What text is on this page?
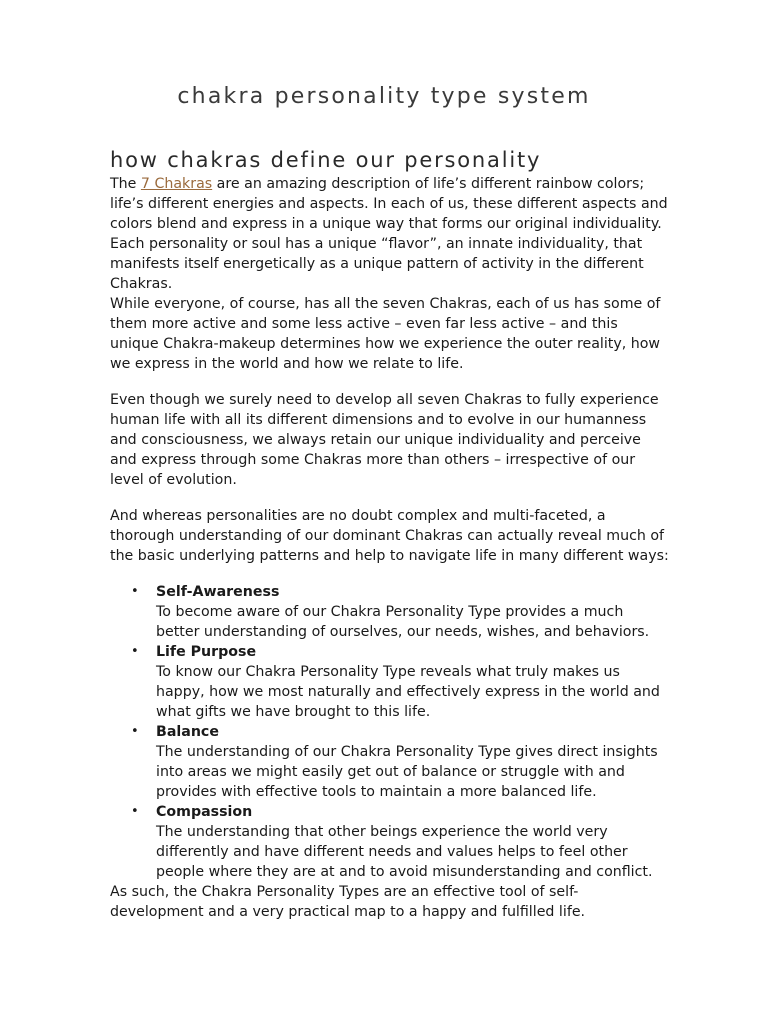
chakra personality type system
how chakras define our personality

The 7 Chakras are an amazing description of life’s different rainbow colors; life’s different energies and aspects. In each of us, these different aspects and colors blend and express in a unique way that forms our original individuality. Each personality or soul has a unique “flavor”, an innate individuality, that manifests itself energetically as a unique pattern of activity in the different Chakras.

While everyone, of course, has all the seven Chakras, each of us has some of them more active and some less active – even far less active – and this unique Chakra-makeup determines how we experience the outer reality, how we express in the world and how we relate to life.

Even though we surely need to develop all seven Chakras to fully experience human life with all its different dimensions and to evolve in our humanness and consciousness, we always retain our unique individuality and perceive and express through some Chakras more than others – irrespective of our level of evolution.

And whereas personalities are no doubt complex and multi-faceted, a thorough understanding of our dominant Chakras can actually reveal much of the basic underlying patterns and help to navigate life in many different ways:

• Self-Awareness
To become aware of our Chakra Personality Type provides a much better understanding of ourselves, our needs, wishes, and behaviors.
• Life Purpose
To know our Chakra Personality Type reveals what truly makes us happy, how we most naturally and effectively express in the world and what gifts we have brought to this life.
• Balance
The understanding of our Chakra Personality Type gives direct insights into areas we might easily get out of balance or struggle with and provides with effective tools to maintain a more balanced life.
• Compassion
The understanding that other beings experience the world very differently and have different needs and values helps to feel other people where they are at and to avoid misunderstanding and conflict.

As such, the Chakra Personality Types are an effective tool of self-development and a very practical map to a happy and fulfilled life.
